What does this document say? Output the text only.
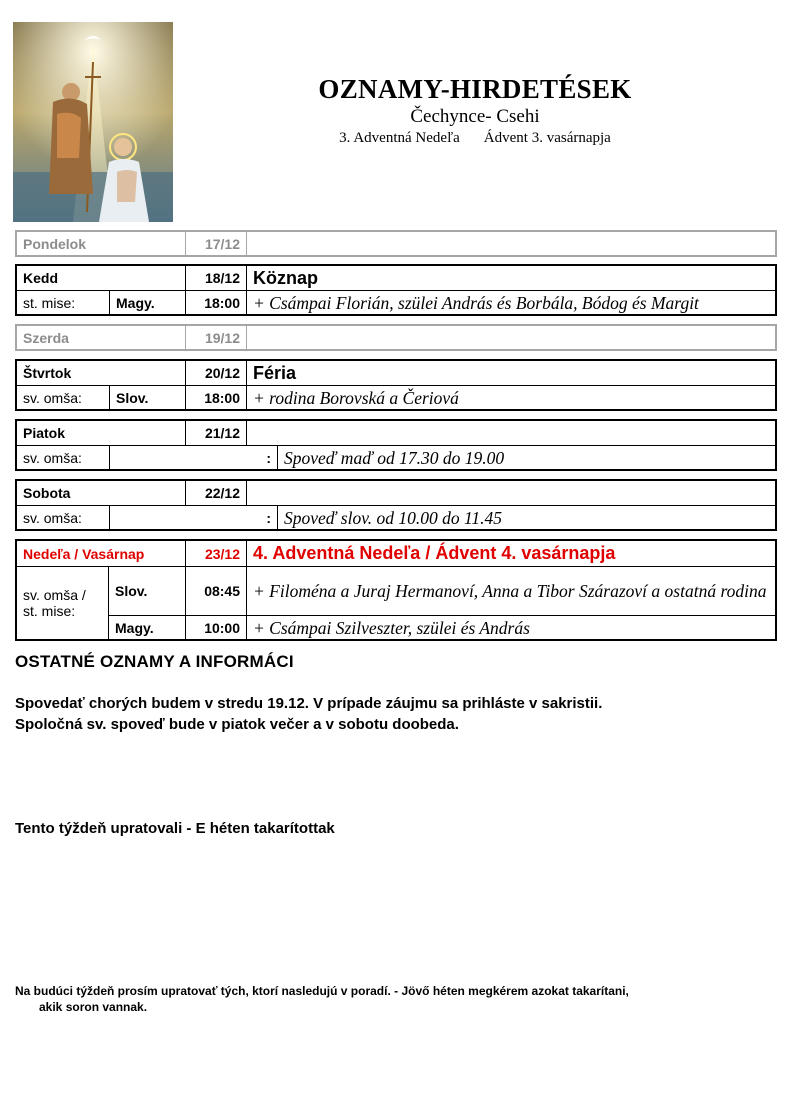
OZNAMY-HIRDETÉSEK
Čechynce- Csehi
3. Adventná Nedeľa Ádvent 3. vasárnapja
Pondelok	17/12
Kedd	18/12 Köznap
st. mise:	Magy.	18:00 + Csámpai Florián, szülei András és Borbála, Bódog és Margit
Szerda	19/12
Štvrtok	20/12 Féria
sv. omša:	Slov.	18:00 + rodina Borovská a Čeriová
Piatok	21/12
sv. omša:	: Spoveď maď od 17.30 do 19.00
Sobota	22/12
sv. omša:	: Spoveď slov. od 10.00 do 11.45
Nedeľa / Vasárnap	23/12 4. Adventná Nedeľa / Ádvent 4. vasárnapja
sv. omša / st. mise:
Slov.	08:45 + Filoména a Juraj Hermanoví, Anna a Tibor Szárazoví a ostatná rodina
Magy.	10:00 + Csámpai Szilveszter, szülei és András
OSTATNÉ OZNAMY A INFORMÁCI
Spovedať chorých budem v stredu 19.12. V prípade záujmu sa prihláste v sakristii.
Spoločná sv. spoveď bude v piatok večer a v sobotu doobeda.
Tento týždeň upratovali - E héten takarítottak
Na budúci týždeň prosím upratovať tých, ktorí nasledujú v poradí. - Jövő héten megkérem azokat takarítani,
akik soron vannak.
